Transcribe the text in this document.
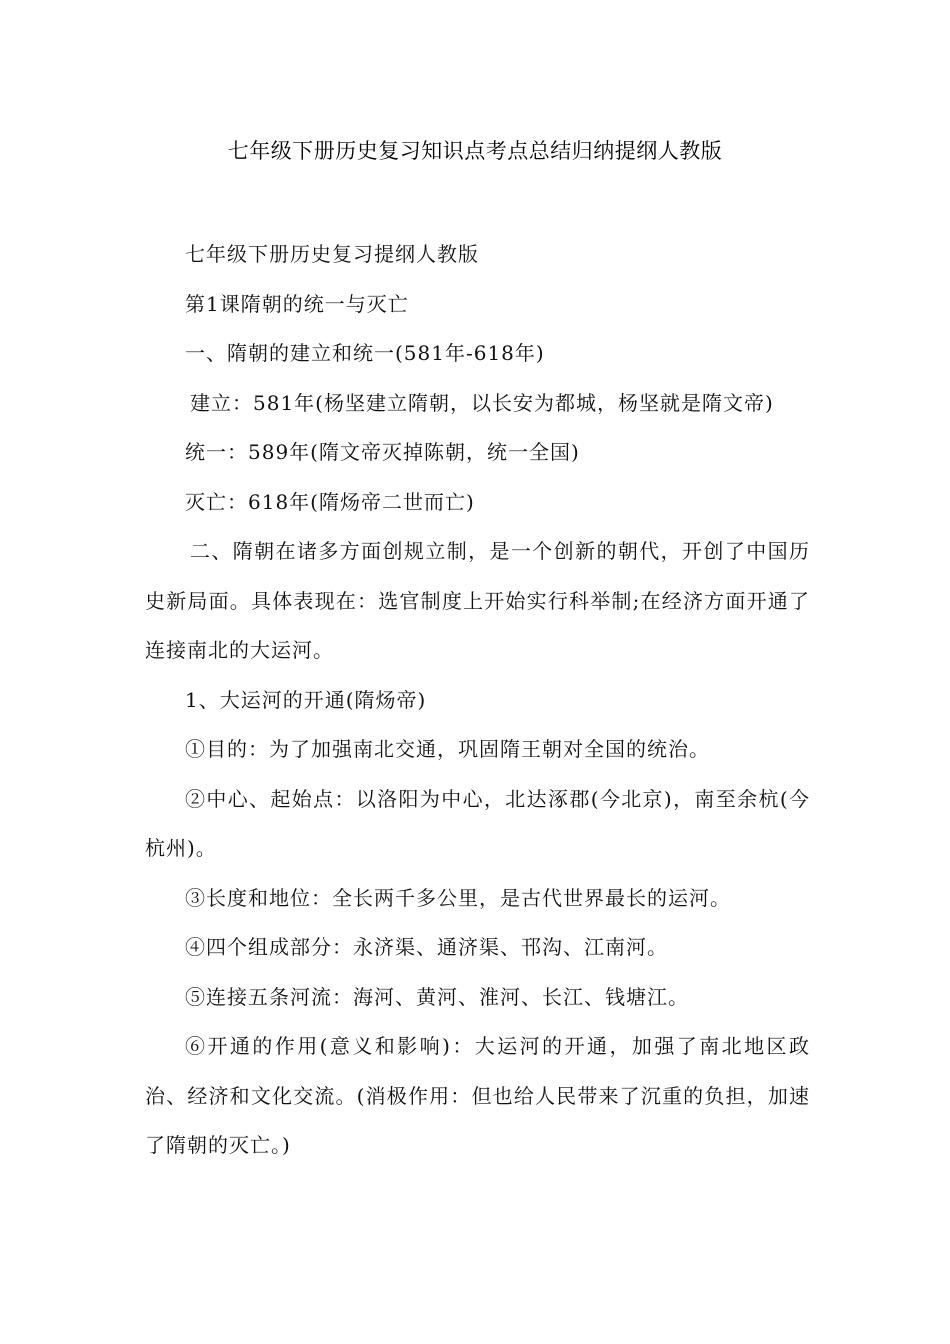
七年级下册历史复习知识点考点总结归纳提纲人教版

七年级下册历史复习提纲人教版

第1课隋朝的统一与灭亡

一、隋朝的建立和统一(581年-618年)

建立：581年(杨坚建立隋朝，以长安为都城，杨坚就是隋文帝)

统一：589年(隋文帝灭掉陈朝，统一全国)

灭亡：618年(隋炀帝二世而亡)

二、隋朝在诸多方面创规立制，是一个创新的朝代，开创了中国历史新局面。具体表现在：选官制度上开始实行科举制;在经济方面开通了连接南北的大运河。

1、大运河的开通(隋炀帝)

①目的：为了加强南北交通，巩固隋王朝对全国的统治。

②中心、起始点：以洛阳为中心，北达涿郡(今北京)，南至余杭(今杭州)。

③长度和地位：全长两千多公里，是古代世界最长的运河。

④四个组成部分：永济渠、通济渠、邗沟、江南河。

⑤连接五条河流：海河、黄河、淮河、长江、钱塘江。

⑥开通的作用(意义和影响)：大运河的开通，加强了南北地区政治、经济和文化交流。(消极作用：但也给人民带来了沉重的负担，加速了隋朝的灭亡。)
